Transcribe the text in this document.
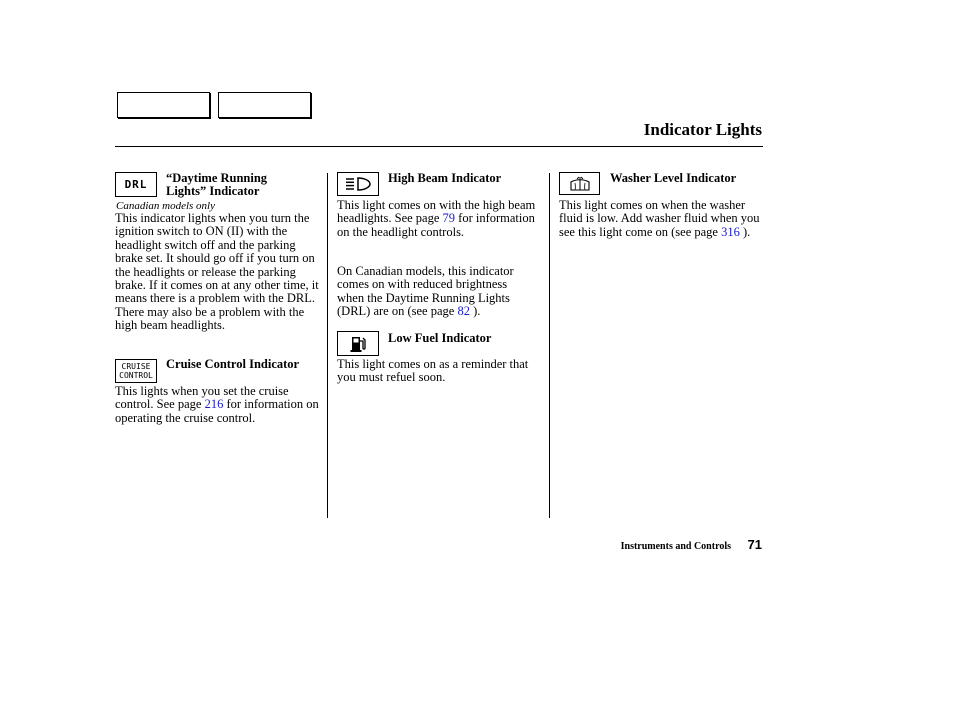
Indicator Lights
DRL “Daytime Running
Lights” Indicator
Canadian models only
This indicator lights when you turn the ignition switch to ON (II) with the headlight switch off and the parking brake set. It should go off if you turn on the headlights or release the parking brake. If it comes on at any other time, it means there is a problem with the DRL. There may also be a problem with the high beam headlights.
CRUISE
CONTROL
Cruise Control Indicator
This lights when you set the cruise control. See page 216 for information on operating the cruise control.
High Beam Indicator
This light comes on with the high beam headlights. See page 79 for information on the headlight controls.
On Canadian models, this indicator comes on with reduced brightness when the Daytime Running Lights (DRL) are on (see page 82 ).
Low Fuel Indicator
This light comes on as a reminder that you must refuel soon.
Washer Level Indicator
This light comes on when the washer fluid is low. Add washer fluid when you see this light come on (see page 316 ).
Instruments and Controls	71
